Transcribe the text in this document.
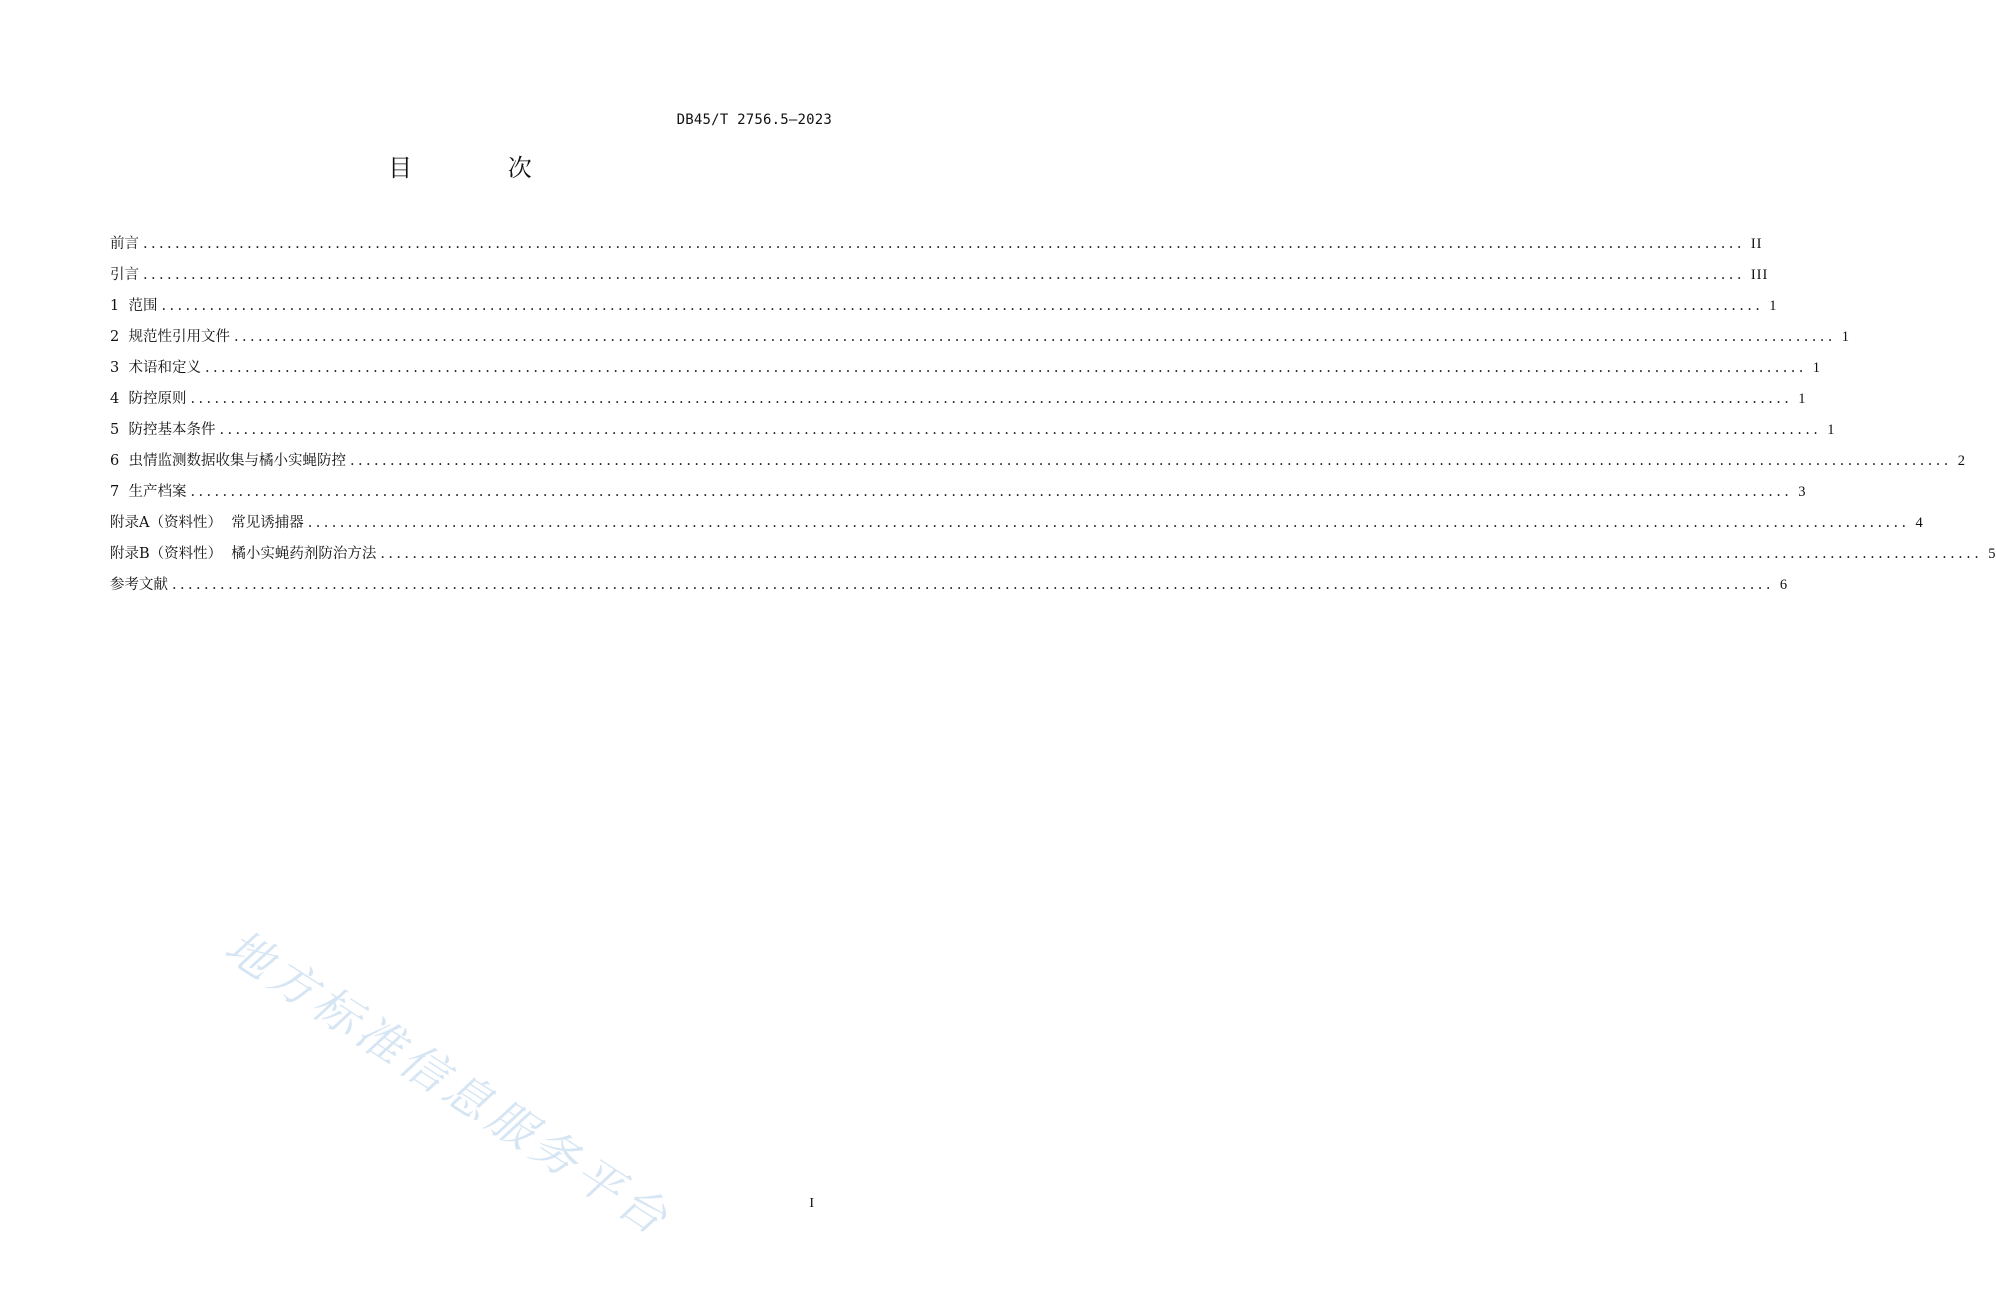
DB45/T 2756.5—2023
目 次
前言 ........................................................................................................................................................................................................ II
引言 ........................................................................................................................................................................................................ III
1  范围 ........................................................................................................................................................................................................ 1
2  规范性引用文件 ........................................................................................................................................................................................................ 1
3  术语和定义 ........................................................................................................................................................................................................ 1
4  防控原则 ........................................................................................................................................................................................................ 1
5  防控基本条件 ........................................................................................................................................................................................................ 1
6  虫情监测数据收集与橘小实蝇防控 ........................................................................................................................................................................................................ 2
7  生产档案 ........................................................................................................................................................................................................ 3
附录A（资料性）  常见诱捕器 ........................................................................................................................................................................................................ 4
附录B（资料性）  橘小实蝇药剂防治方法 ........................................................................................................................................................................................................ 5
参考文献 ........................................................................................................................................................................................................ 6
地方标准信息服务平台	I
